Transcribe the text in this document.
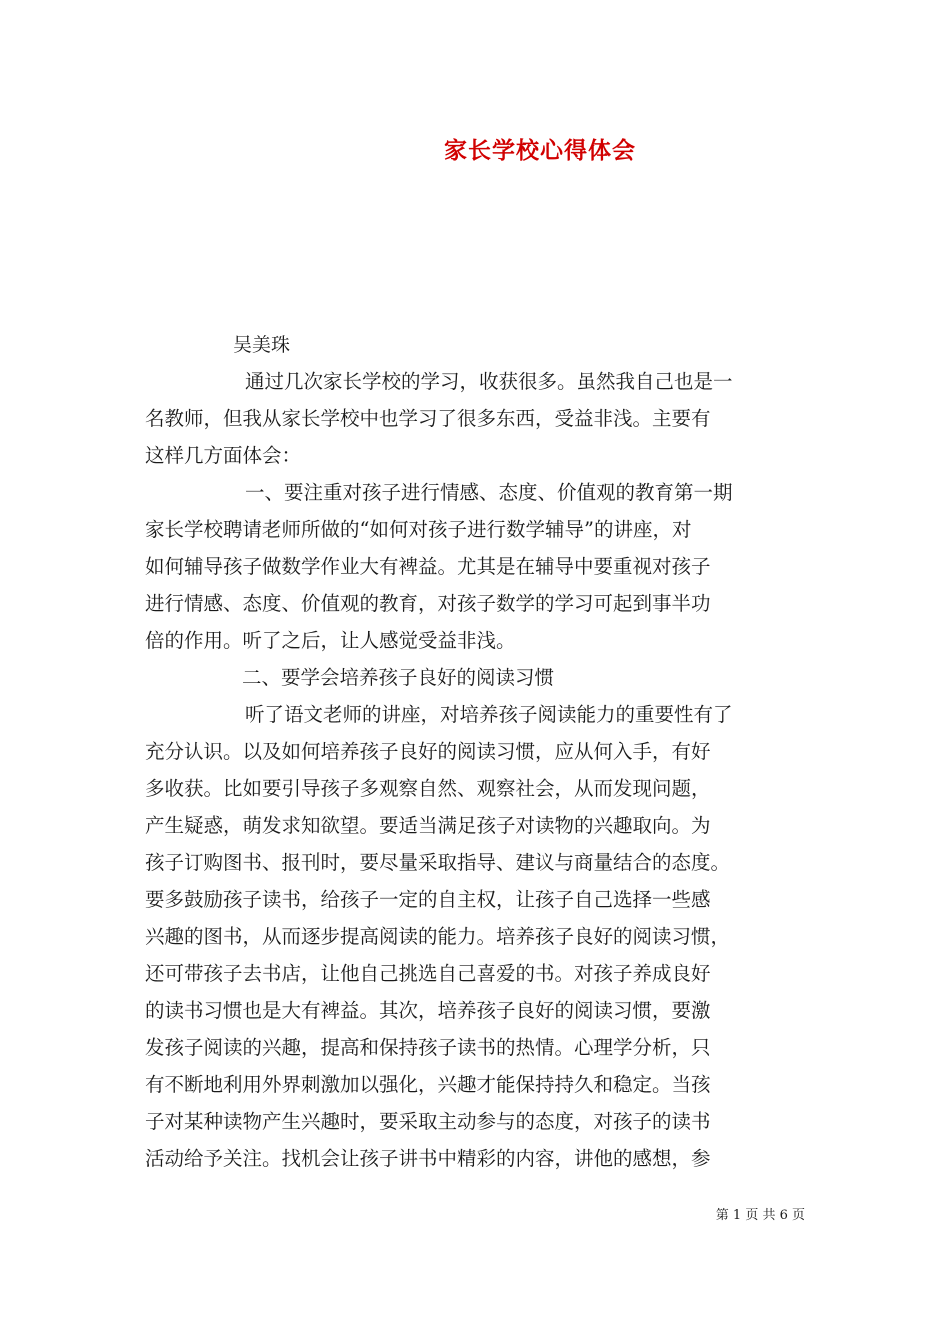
家长学校心得体会
吴美珠
通过几次家长学校的学习，收获很多。虽然我自己也是一
名教师，但我从家长学校中也学习了很多东西，受益非浅。主要有
这样几方面体会：
一、要注重对孩子进行情感、态度、价值观的教育第一期
家长学校聘请老师所做的“如何对孩子进行数学辅导”的讲座，对
如何辅导孩子做数学作业大有裨益。尤其是在辅导中要重视对孩子
进行情感、态度、价值观的教育，对孩子数学的学习可起到事半功
倍的作用。听了之后，让人感觉受益非浅。
二、要学会培养孩子良好的阅读习惯
听了语文老师的讲座，对培养孩子阅读能力的重要性有了
充分认识。以及如何培养孩子良好的阅读习惯，应从何入手，有好
多收获。比如要引导孩子多观察自然、观察社会，从而发现问题，
产生疑惑，萌发求知欲望。要适当满足孩子对读物的兴趣取向。为
孩子订购图书、报刊时，要尽量采取指导、建议与商量结合的态度。
要多鼓励孩子读书，给孩子一定的自主权，让孩子自己选择一些感
兴趣的图书，从而逐步提高阅读的能力。培养孩子良好的阅读习惯，
还可带孩子去书店，让他自己挑选自己喜爱的书。对孩子养成良好
的读书习惯也是大有裨益。其次，培养孩子良好的阅读习惯，要激
发孩子阅读的兴趣，提高和保持孩子读书的热情。心理学分析，只
有不断地利用外界刺激加以强化，兴趣才能保持持久和稳定。当孩
子对某种读物产生兴趣时，要采取主动参与的态度，对孩子的读书
活动给予关注。找机会让孩子讲书中精彩的内容，讲他的感想，参
第 1 页 共 6 页
